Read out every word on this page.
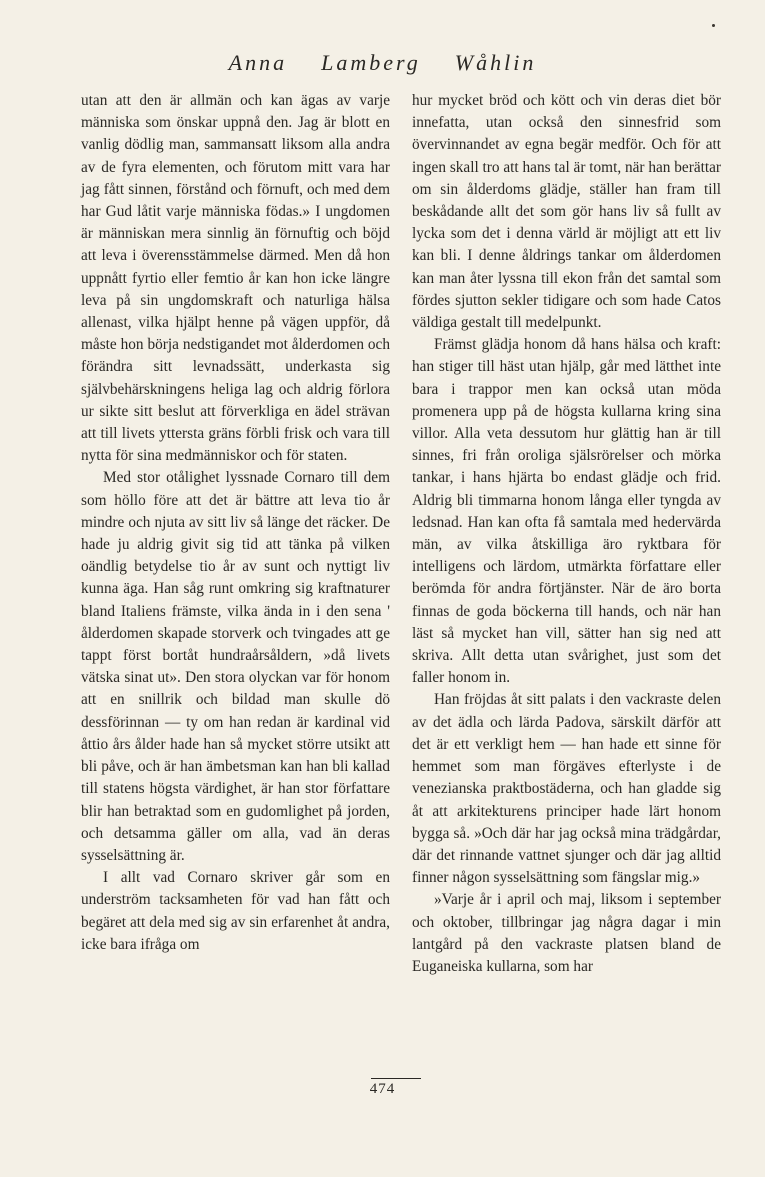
Anna Lamberg Wåhlin

utan att den är allmän och kan ägas av varje människa som önskar uppnå den. Jag är blott en vanlig dödlig man, sammansatt liksom alla andra av de fyra elementen, och förutom mitt vara har jag fått sinnen, förstånd och förnuft, och med dem har Gud låtit varje människa födas.» I ungdomen är människan mera sinnlig än förnuftig och böjd att leva i överensstämmelse därmed. Men då hon uppnått fyrtio eller femtio år kan hon icke längre leva på sin ungdomskraft och naturliga hälsa allenast, vilka hjälpt henne på vägen uppför, då måste hon börja nedstigandet mot ålderdomen och förändra sitt levnadssätt, underkasta sig självbehärskningens heliga lag och aldrig förlora ur sikte sitt beslut att förverkliga en ädel strävan att till livets yttersta gräns förbli frisk och vara till nytta för sina medmänniskor och för staten.

Med stor otålighet lyssnade Cornaro till dem som höllo före att det är bättre att leva tio år mindre och njuta av sitt liv så länge det räcker. De hade ju aldrig givit sig tid att tänka på vilken oändlig betydelse tio år av sunt och nyttigt liv kunna äga. Han såg runt omkring sig kraftnaturer bland Italiens främste, vilka ända in i den sena ' ålderdomen skapade storverk och tvingades att ge tappt först bortåt hundraårsåldern, »då livets vätska sinat ut». Den stora olyckan var för honom att en snillrik och bildad man skulle dö dessförinnan — ty om han redan är kardinal vid åttio års ålder hade han så mycket större utsikt att bli påve, och är han ämbetsman kan han bli kallad till statens högsta värdighet, är han stor författare blir han betraktad som en gudomlighet på jorden, och detsamma gäller om alla, vad än deras sysselsättning är.

I allt vad Cornaro skriver går som en underström tacksamheten för vad han fått och begäret att dela med sig av sin erfarenhet åt andra, icke bara ifråga om

hur mycket bröd och kött och vin deras diet bör innefatta, utan också den sinnesfrid som övervinnandet av egna begär medför. Och för att ingen skall tro att hans tal är tomt, när han berättar om sin ålderdoms glädje, ställer han fram till beskådande allt det som gör hans liv så fullt av lycka som det i denna värld är möjligt att ett liv kan bli. I denne åldrings tankar om ålderdomen kan man åter lyssna till ekon från det samtal som fördes sjutton sekler tidigare och som hade Catos väldiga gestalt till medelpunkt.

Främst glädja honom då hans hälsa och kraft: han stiger till häst utan hjälp, går med lätthet inte bara i trappor men kan också utan möda promenera upp på de högsta kullarna kring sina villor. Alla veta dessutom hur glättig han är till sinnes, fri från oroliga själsrörelser och mörka tankar, i hans hjärta bo endast glädje och frid. Aldrig bli timmarna honom långa eller tyngda av ledsnad. Han kan ofta få samtala med hedervärda män, av vilka åtskilliga äro ryktbara för intelligens och lärdom, utmärkta författare eller berömda för andra förtjänster. När de äro borta finnas de goda böckerna till hands, och när han läst så mycket han vill, sätter han sig ned att skriva. Allt detta utan svårighet, just som det faller honom in.

Han fröjdas åt sitt palats i den vackraste delen av det ädla och lärda Padova, särskilt därför att det är ett verkligt hem — han hade ett sinne för hemmet som man förgäves efterlyste i de venezianska praktbostäderna, och han gladde sig åt att arkitekturens principer hade lärt honom bygga så. »Och där har jag också mina trädgårdar, där det rinnande vattnet sjunger och där jag alltid finner någon sysselsättning som fängslar mig.»

»Varje år i april och maj, liksom i september och oktober, tillbringar jag några dagar i min lantgård på den vackraste platsen bland de Euganeiska kullarna, som har

474
